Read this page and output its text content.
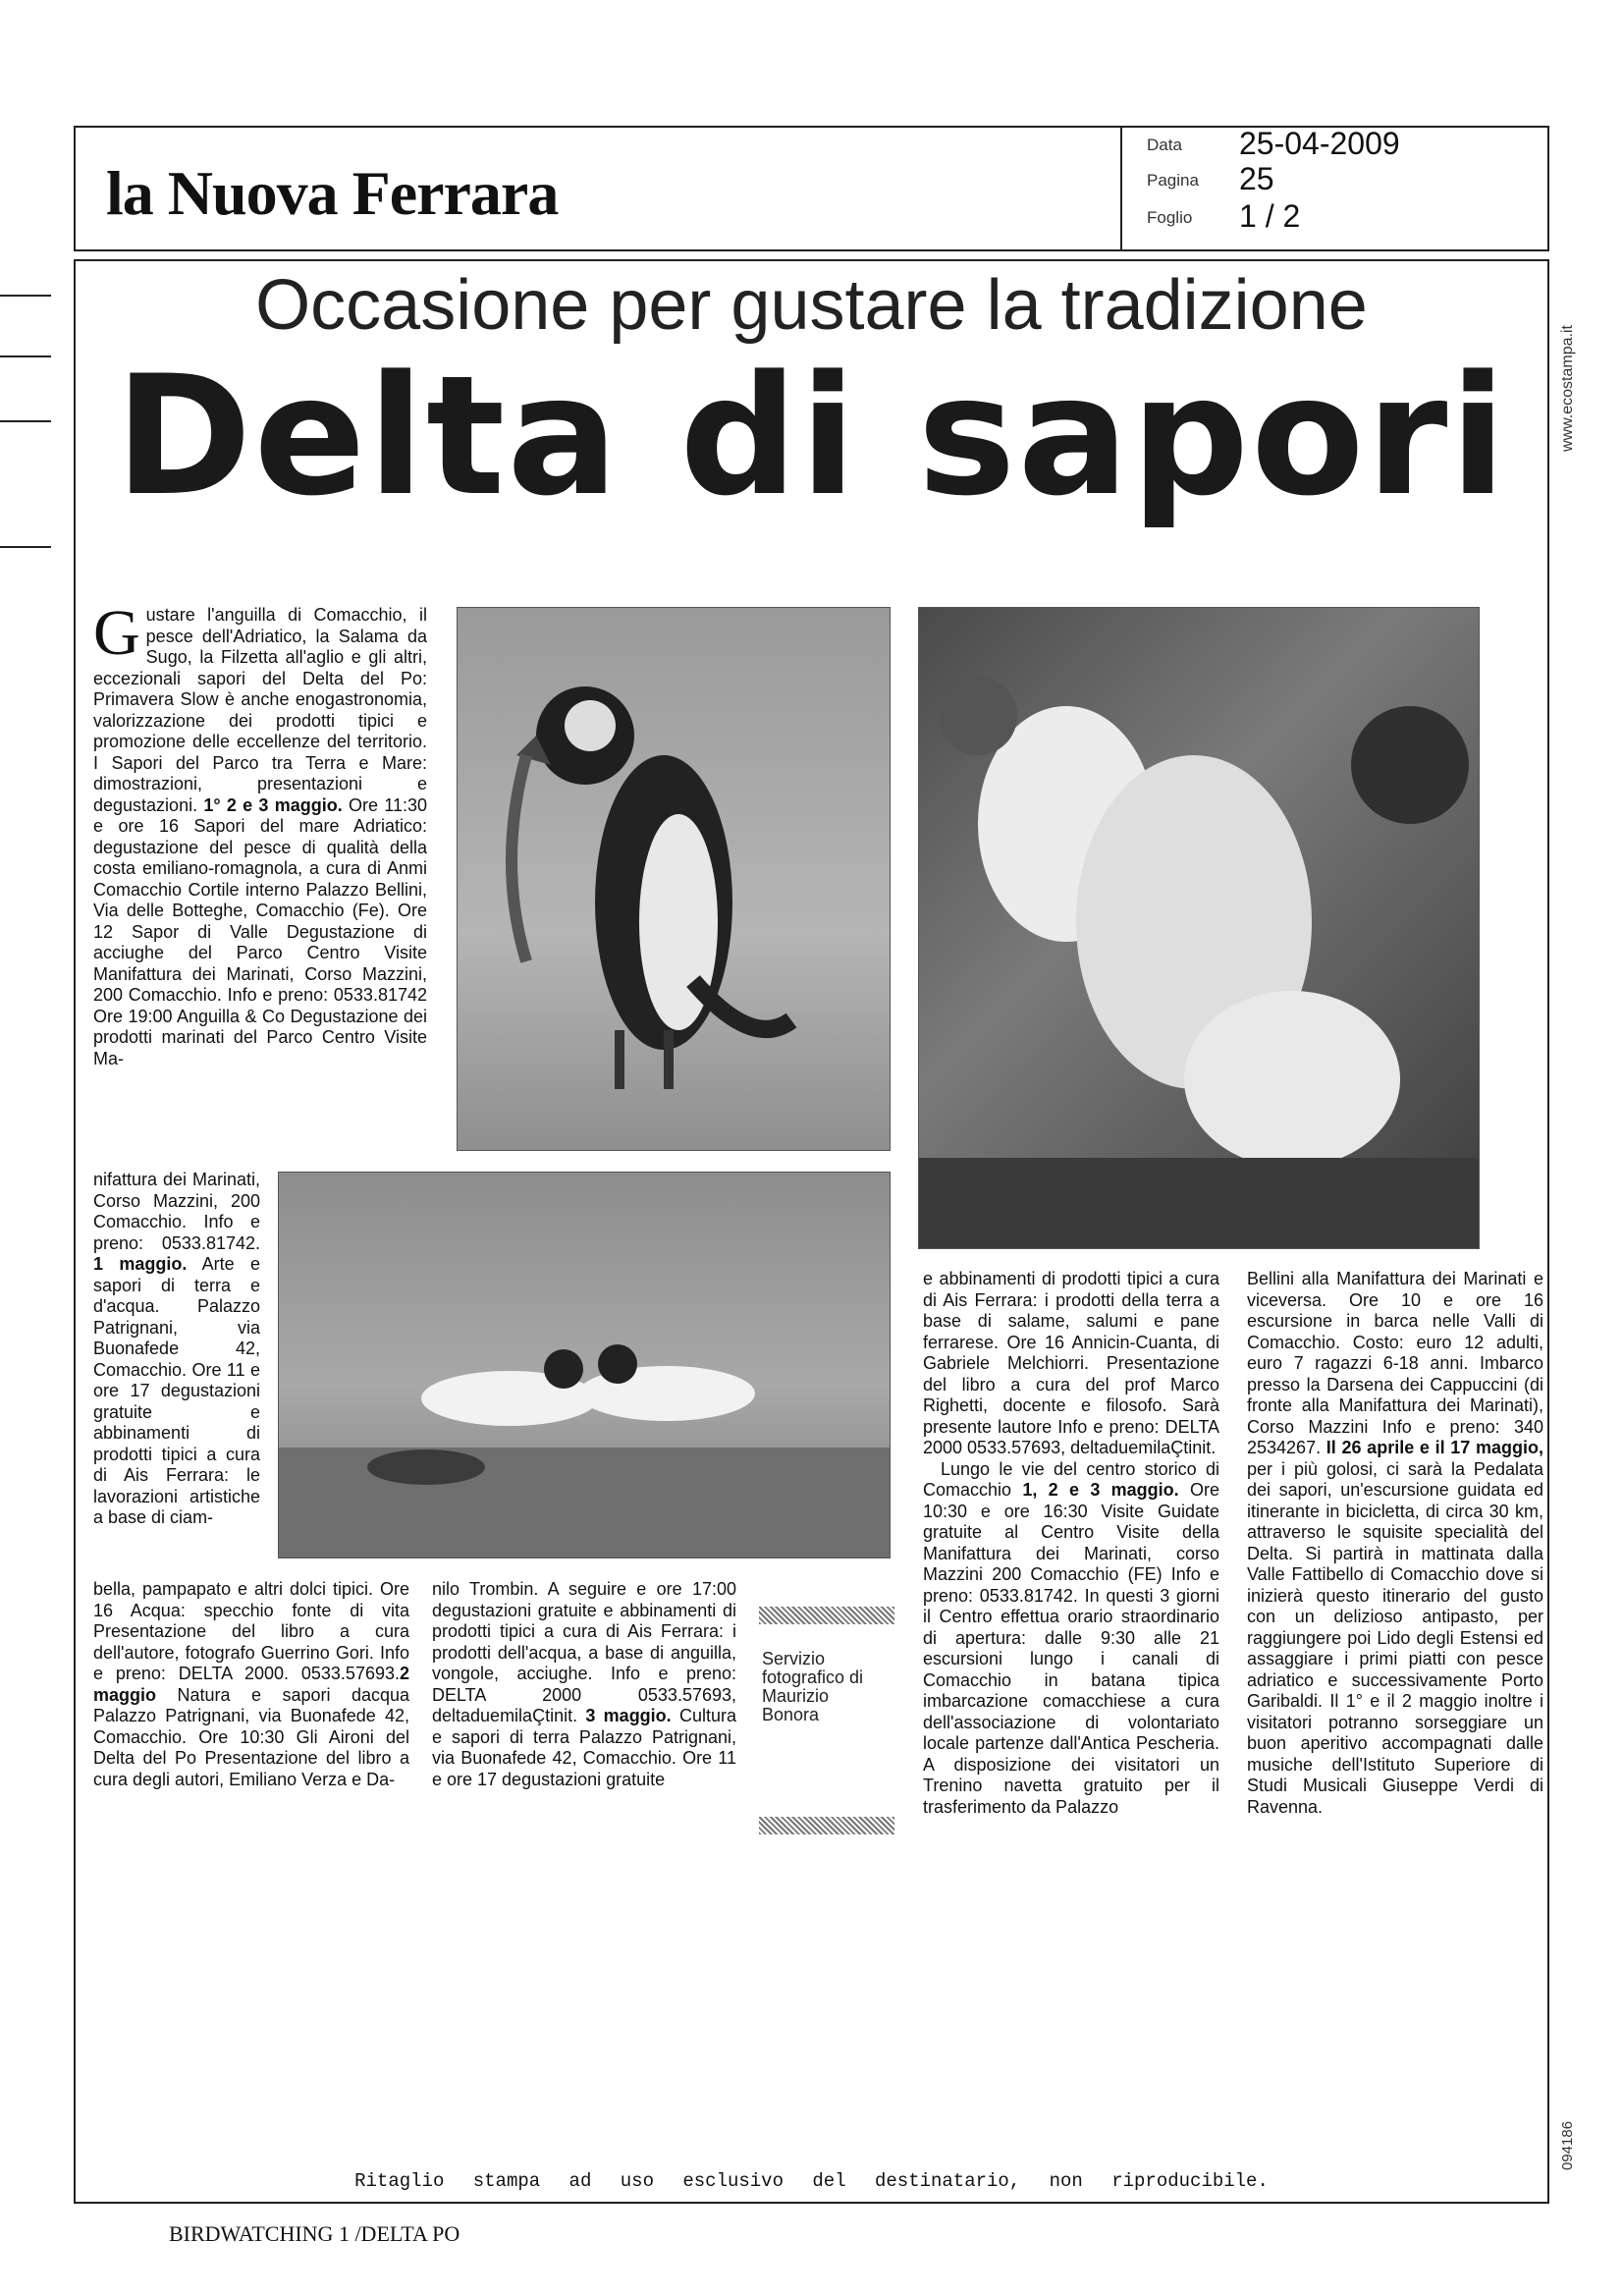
la Nuova Ferrara
Data 25-04-2009
Pagina 25
Foglio 1 / 2
www.ecostampa.it
094186
Occasione per gustare la tradizione
Delta di sapori

Gustare l'anguilla di Comacchio, il pesce dell'Adriatico, la Salama da Sugo, la Filzetta all'aglio e gli altri, eccezionali sapori del Delta del Po: Primavera Slow è anche enogastronomia, valorizzazione dei prodotti tipici e promozione delle eccellenze del territorio. I Sapori del Parco tra Terra e Mare: dimostrazioni, presentazioni e degustazioni. 1° 2 e 3 maggio. Ore 11:30 e ore 16 Sapori del mare Adriatico: degustazione del pesce di qualità della costa emiliano-romagnola, a cura di Anmi Comacchio Cortile interno Palazzo Bellini, Via delle Botteghe, Comacchio (Fe). Ore 12 Sapor di Valle Degustazione di acciughe del Parco Centro Visite Manifattura dei Marinati, Corso Mazzini, 200 Comacchio. Info e preno: 0533.81742 Ore 19:00 Anguilla & Co Degustazione dei prodotti marinati del Parco Centro Visite Ma-

nifattura dei Marinati, Corso Mazzini, 200 Comacchio. Info e preno: 0533.81742. 1 maggio. Arte e sapori di terra e d'acqua. Palazzo Patrignani, via Buonafede 42, Comacchio. Ore 11 e ore 17 degustazioni gratuite e abbinamenti di prodotti tipici a cura di Ais Ferrara: le lavorazioni artistiche a base di ciam-

bella, pampapato e altri dolci tipici. Ore 16 Acqua: specchio fonte di vita Presentazione del libro a cura dell'autore, fotografo Guerrino Gori. Info e preno: DELTA 2000. 0533.57693.2 maggio Natura e sapori dacqua Palazzo Patrignani, via Buonafede 42, Comacchio. Ore 10:30 Gli Aironi del Delta del Po Presentazione del libro a cura degli autori, Emiliano Verza e Da-

nilo Trombin. A seguire e ore 17:00 degustazioni gratuite e abbinamenti di prodotti tipici a cura di Ais Ferrara: i prodotti dell'acqua, a base di anguilla, vongole, acciughe. Info e preno: DELTA 2000 0533.57693, deltaduemilaÇtinit. 3 maggio. Cultura e sapori di terra Palazzo Patrignani, via Buonafede 42, Comacchio. Ore 11 e ore 17 degustazioni gratuite

Servizio fotografico di Maurizio Bonora

e abbinamenti di prodotti tipici a cura di Ais Ferrara: i prodotti della terra a base di salame, salumi e pane ferrarese. Ore 16 Annicin-Cuanta, di Gabriele Melchiorri. Presentazione del libro a cura del prof Marco Righetti, docente e filosofo. Sarà presente lautore Info e preno: DELTA 2000 0533.57693, deltaduemilaÇtinit.

Lungo le vie del centro storico di Comacchio 1, 2 e 3 maggio. Ore 10:30 e ore 16:30 Visite Guidate gratuite al Centro Visite della Manifattura dei Marinati, corso Mazzini 200 Comacchio (FE) Info e preno: 0533.81742. In questi 3 giorni il Centro effettua orario straordinario di apertura: dalle 9:30 alle 21 escursioni lungo i canali di Comacchio in batana tipica imbarcazione comacchiese a cura dell'associazione di volontariato locale partenze dall'Antica Pescheria. A disposizione dei visitatori un Trenino navetta gratuito per il trasferimento da Palazzo

Bellini alla Manifattura dei Marinati e viceversa. Ore 10 e ore 16 escursione in barca nelle Valli di Comacchio. Costo: euro 12 adulti, euro 7 ragazzi 6-18 anni. Imbarco presso la Darsena dei Cappuccini (di fronte alla Manifattura dei Marinati), Corso Mazzini Info e preno: 340 2534267. Il 26 aprile e il 17 maggio, per i più golosi, ci sarà la Pedalata dei sapori, un'escursione guidata ed itinerante in bicicletta, di circa 30 km, attraverso le squisite specialità del Delta. Si partirà in mattinata dalla Valle Fattibello di Comacchio dove si inizierà questo itinerario del gusto con un delizioso antipasto, per raggiungere poi Lido degli Estensi ed assaggiare i primi piatti con pesce adriatico e successivamente Porto Garibaldi. Il 1° e il 2 maggio inoltre i visitatori potranno sorseggiare un buon aperitivo accompagnati dalle musiche dell'Istituto Superiore di Studi Musicali Giuseppe Verdi di Ravenna.

Ritaglio stampa ad uso esclusivo del destinatario, non riproducibile.
BIRDWATCHING 1 /DELTA PO
